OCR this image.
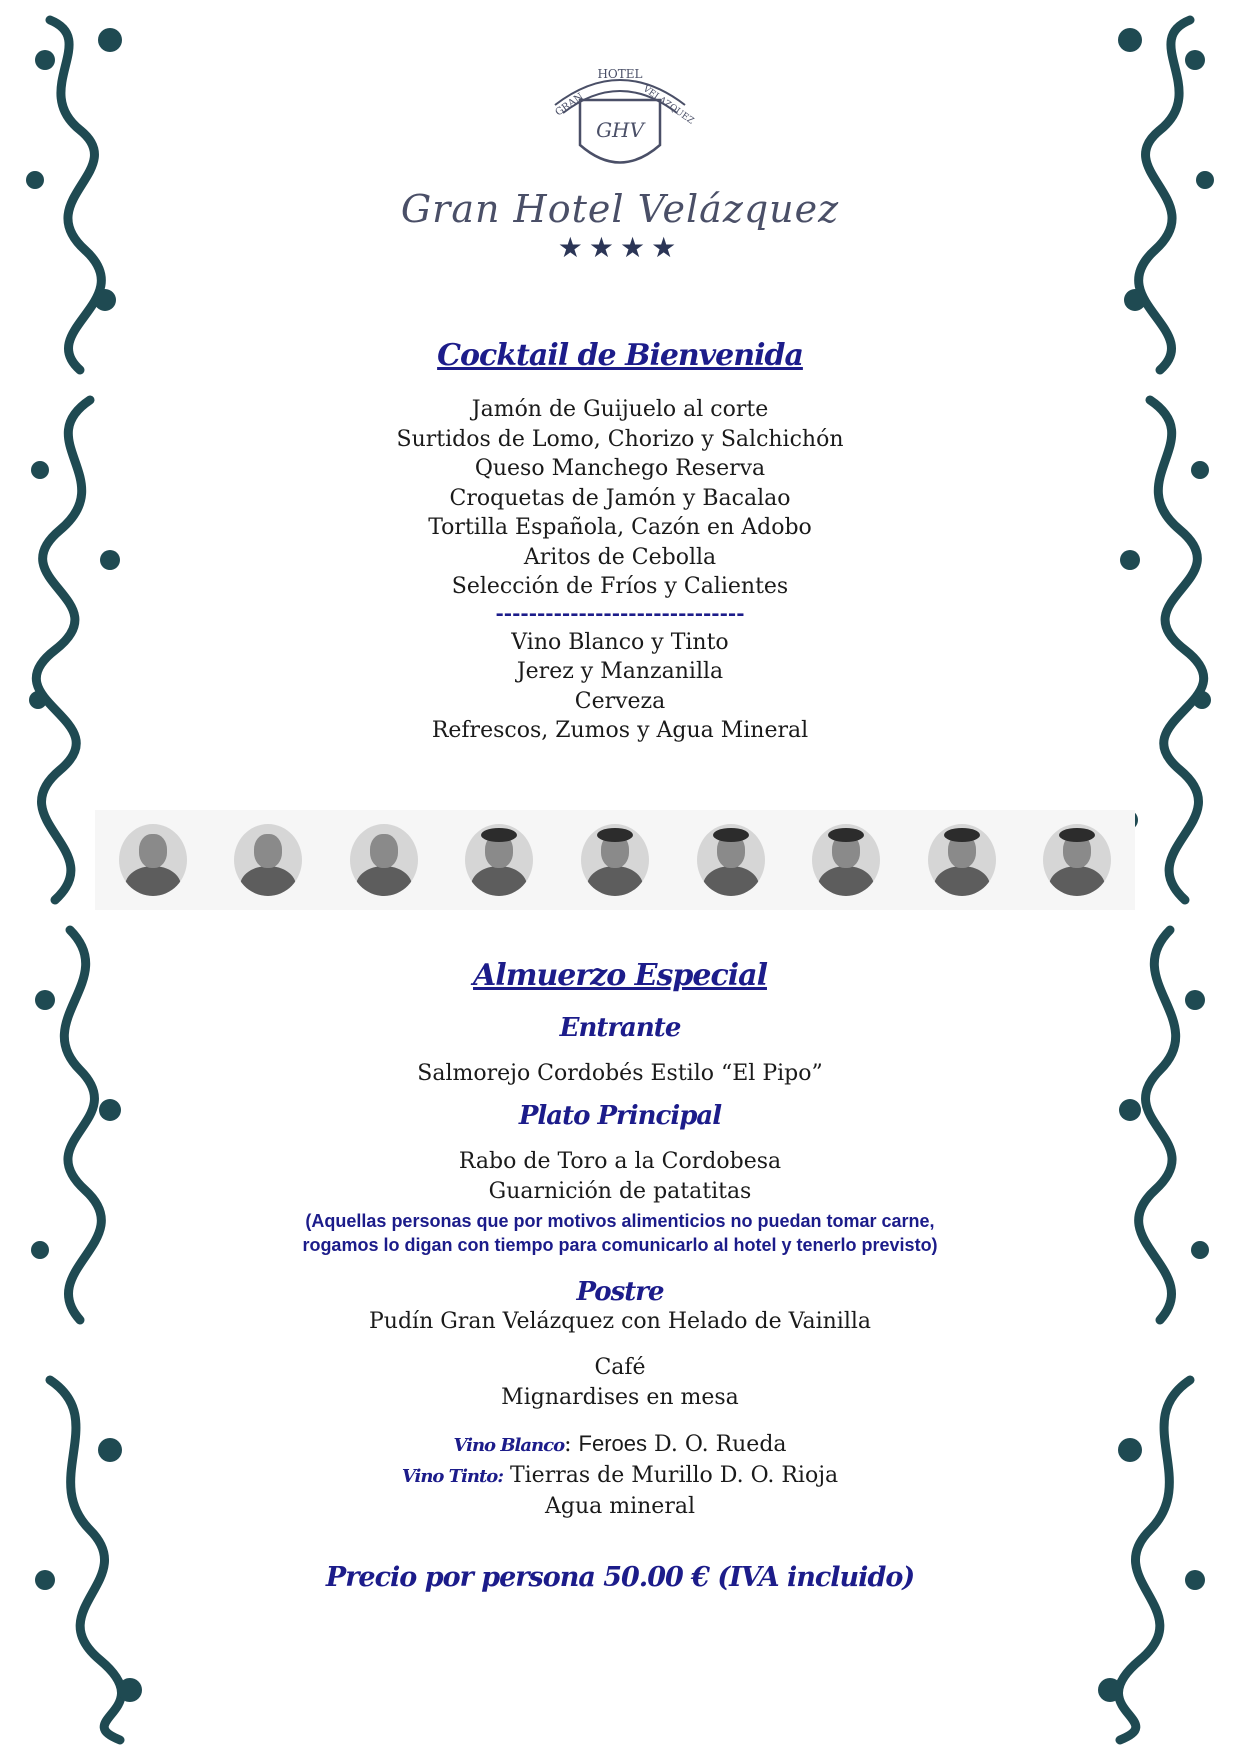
HOTEL
GRAN	VELAZQUEZ
GHV
Gran Hotel Velázquez
★★★★
Cocktail de Bienvenida
Jamón de Guijuelo al corte
Surtidos de Lomo, Chorizo y Salchichón
Queso Manchego Reserva
Croquetas de Jamón y Bacalao
Tortilla Española, Cazón en Adobo
Aritos de Cebolla
Selección de Fríos y Calientes
------------------------------
Vino Blanco y Tinto
Jerez y Manzanilla
Cerveza
Refrescos, Zumos y Agua Mineral
Almuerzo Especial
Entrante
Salmorejo Cordobés Estilo “El Pipo”
Plato Principal
Rabo de Toro a la Cordobesa
Guarnición de patatitas
(Aquellas personas que por motivos alimenticios no puedan tomar carne,
rogamos lo digan con tiempo para comunicarlo al hotel y tenerlo previsto)
Postre
Pudín Gran Velázquez con Helado de Vainilla
Café
Mignardises en mesa
Vino Blanco: Feroes D. O. Rueda
Vino Tinto: Tierras de Murillo D. O. Rioja
Agua mineral
Precio por persona 50.00 € (IVA incluido)
